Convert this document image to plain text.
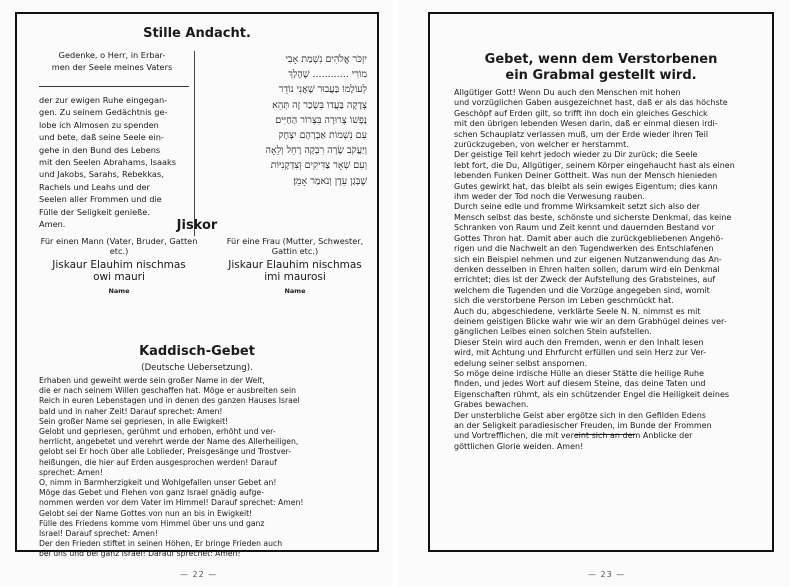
Stille Andacht.
Gedenke, o Herr, in Erbar-
men der Seele meines Vaters
der zur ewigen Ruhe eingegan-
gen. Zu seinem Gedächtnis ge-
lobe ich Almosen zu spenden
und bete, daß seine Seele ein-
gehe in den Bund des Lebens
mit den Seelen Abrahams, Isaaks
und Jakobs, Sarahs, Rebekkas,
Rachels und Leahs und der
Seelen aller Frommen und die
Fülle der Seligkeit genieße.
Amen.
יִזְכֹּר אֱלֹהִים נִשְׁמַת אָבִי
מוֹרִי ............ שֶׁהָלַךְ
לְעוֹלָמוֹ בַּעֲבוּר שֶׁאֲנִי נוֹדֵר
צְדָקָה בַּעֲדוֹ בִּשְׂכַר זֶה תְּהֵא
נַפְשׁוֹ צְרוּרָה בִּצְרוֹר הַחַיִּים
עִם נִשְׁמוֹת אַבְרָהָם יִצְחָק
וְיַעֲקֹב שָׂרָה רִבְקָה רָחֵל וְלֵאָה
וְעִם שְׁאָר צַדִּיקִים וְצִדְקָנִיּוֹת
שֶׁבְּגַן עֵדֶן וְנֹאמַר אָמֵן׃
Jiskor
Für einen Mann (Vater, Bruder, Gatten etc.)
Jiskaur Elauhim nischmas
owi mauri
Name
Für eine Frau (Mutter, Schwester, Gattin etc.)
Jiskaur Elauhim nischmas
imi maurosi
Name
Kaddisch-Gebet
(Deutsche Uebersetzung).
Erhaben und geweiht werde sein großer Name in der Welt,
die er nach seinem Willen geschaffen hat. Möge er ausbreiten sein
Reich in euren Lebenstagen und in denen des ganzen Hauses Israel
bald und in naher Zeit! Darauf sprechet: Amen!
Sein großer Name sei gepriesen, in alle Ewigkeit!
Gelobt und gepriesen, gerühmt und erhoben, erhöht und ver-
herrlicht, angebetet und verehrt werde der Name des Allerheiligen,
gelobt sei Er hoch über alle Loblieder, Preisgesänge und Trostver-
heißungen, die hier auf Erden ausgesprochen werden! Darauf
sprechet: Amen!
O, nimm in Barmherzigkeit und Wohlgefallen unser Gebet an!
Möge das Gebet und Flehen von ganz Israel gnädig aufge-
nommen werden vor dem Vater im Himmel! Darauf sprechet: Amen!
Gelobt sei der Name Gottes von nun an bis in Ewigkeit!
Fülle des Friedens komme vom Himmel über uns und ganz
Israel! Darauf sprechet: Amen!
Der den Frieden stiftet in seinen Höhen, Er bringe Frieden auch
bei uns und bei ganz Israel! Darauf sprechet: Amen!
— 22 —
Gebet, wenn dem Verstorbenen
ein Grabmal gestellt wird.
Allgütiger Gott! Wenn Du auch den Menschen mit hohen
und vorzüglichen Gaben ausgezeichnet hast, daß er als das höchste
Geschöpf auf Erden gilt, so trifft ihn doch ein gleiches Geschick
mit den übrigen lebenden Wesen darin, daß er einmal diesen irdi-
schen Schauplatz verlassen muß, um der Erde wieder ihren Teil
zurückzugeben, von welcher er herstammt.
Der geistige Teil kehrt jedoch wieder zu Dir zurück; die Seele
lebt fort, die Du, Allgütiger, seinem Körper eingehaucht hast als einen
lebenden Funken Deiner Gottheit. Was nun der Mensch hienieden
Gutes gewirkt hat, das bleibt als sein ewiges Eigentum; dies kann
ihm weder der Tod noch die Verwesung rauben.
Durch seine edle und fromme Wirksamkeit setzt sich also der
Mensch selbst das beste, schönste und sicherste Denkmal, das keine
Schranken von Raum und Zeit kennt und dauernden Bestand vor
Gottes Thron hat. Damit aber auch die zurückgebliebenen Angehö-
rigen und die Nachwelt an den Tugendwerken des Entschlafenen
sich ein Beispiel nehmen und zur eigenen Nutzanwendung das An-
denken desselben in Ehren halten sollen, darum wird ein Denkmal
errichtet; dies ist der Zweck der Aufstellung des Grabsteines, auf
welchem die Tugenden und die Vorzüge angegeben sind, womit
sich die verstorbene Person im Leben geschmückt hat.
Auch du, abgeschiedene, verklärte Seele N. N. nimmst es mit
deinem geistigen Blicke wahr wie wir an dem Grabhügel deines ver-
gänglichen Leibes einen solchen Stein aufstellen.
Dieser Stein wird auch den Fremden, wenn er den Inhalt lesen
wird, mit Achtung und Ehrfurcht erfüllen und sein Herz zur Ver-
edelung seiner selbst anspornen.
So möge deine irdische Hülle an dieser Stätte die heilige Ruhe
finden, und jedes Wort auf diesem Steine, das deine Taten und
Eigenschaften rühmt, als ein schützender Engel die Heiligkeit deines
Grabes bewachen.
Der unsterbliche Geist aber ergötze sich in den Gefilden Edens
an der Seligkeit paradiesischer Freuden, im Bunde der Frommen
und Vortrefflichen, die mit vereint sich an dem Anblicke der
göttlichen Glorie weiden. Amen!
— 23 —
